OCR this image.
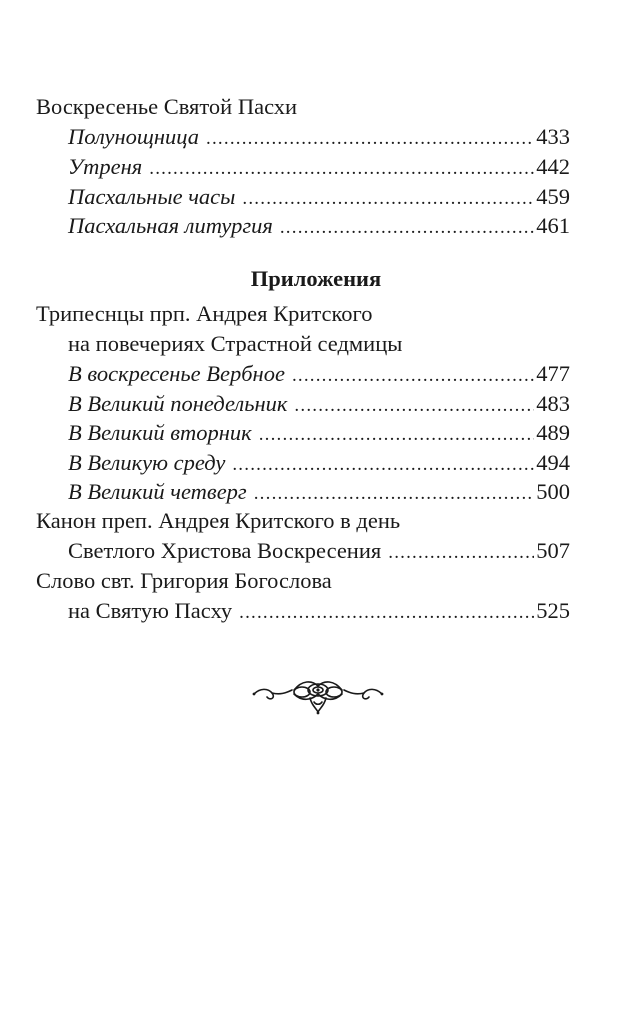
Воскресенье Святой Пасхи
Полунощница .....	433
Утреня .....	442
Пасхальные часы .....	459
Пасхальная литургия .....	461
Приложения
Трипеснцы прп. Андрея Критского
на повечериях Страстной седмицы
В воскресенье Вербное .....	477
В Великий понедельник .....	483
В Великий вторник .....	489
В Великую среду .....	494
В Великий четверг .....	500
Канон преп. Андрея Критского в день
Светлого Христова Воскресения .....	507
Слово свт. Григория Богослова
на Святую Пасху .....	525
